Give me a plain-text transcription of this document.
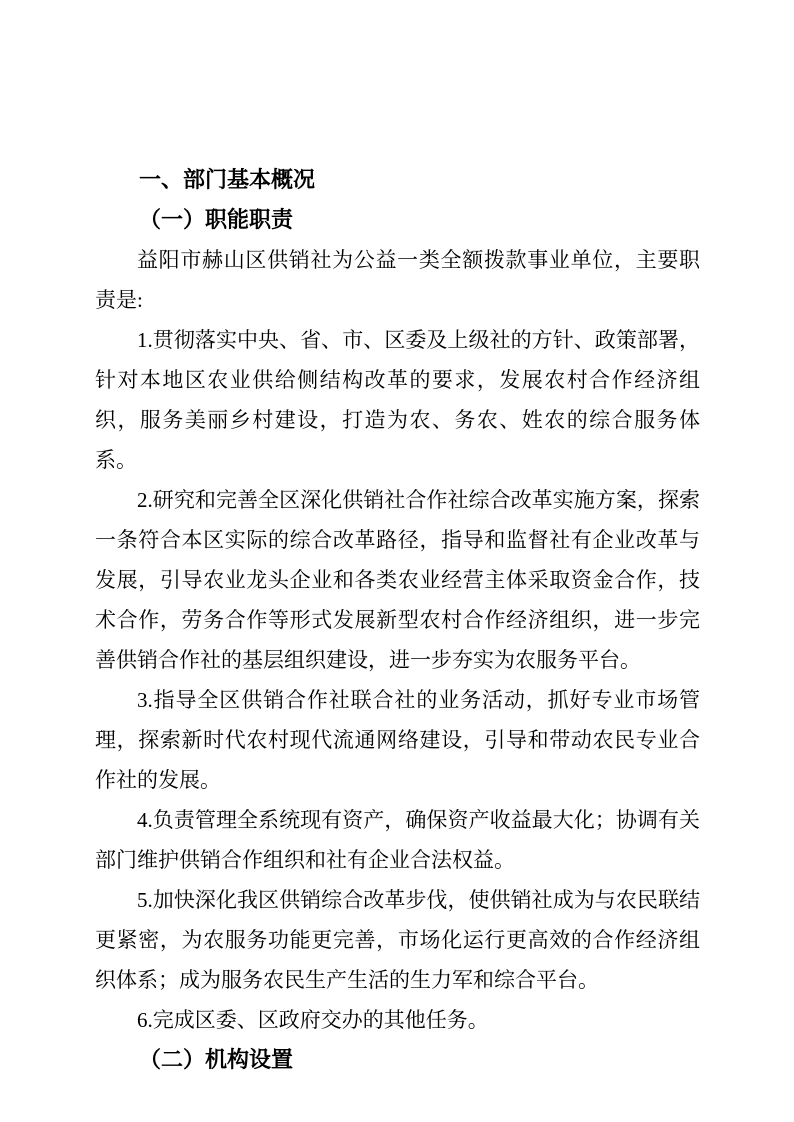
一、部门基本概况
（一）职能职责

益阳市赫山区供销社为公益一类全额拨款事业单位，主要职责是:

1.贯彻落实中央、省、市、区委及上级社的方针、政策部署，针对本地区农业供给侧结构改革的要求，发展农村合作经济组织，服务美丽乡村建设，打造为农、务农、姓农的综合服务体系。

2.研究和完善全区深化供销社合作社综合改革实施方案，探索一条符合本区实际的综合改革路径，指导和监督社有企业改革与发展，引导农业龙头企业和各类农业经营主体采取资金合作，技术合作，劳务合作等形式发展新型农村合作经济组织，进一步完善供销合作社的基层组织建设，进一步夯实为农服务平台。

3.指导全区供销合作社联合社的业务活动，抓好专业市场管理，探索新时代农村现代流通网络建设，引导和带动农民专业合作社的发展。

4.负责管理全系统现有资产，确保资产收益最大化；协调有关部门维护供销合作组织和社有企业合法权益。

5.加快深化我区供销综合改革步伐，使供销社成为与农民联结更紧密，为农服务功能更完善，市场化运行更高效的合作经济组织体系；成为服务农民生产生活的生力军和综合平台。

6.完成区委、区政府交办的其他任务。

（二）机构设置
